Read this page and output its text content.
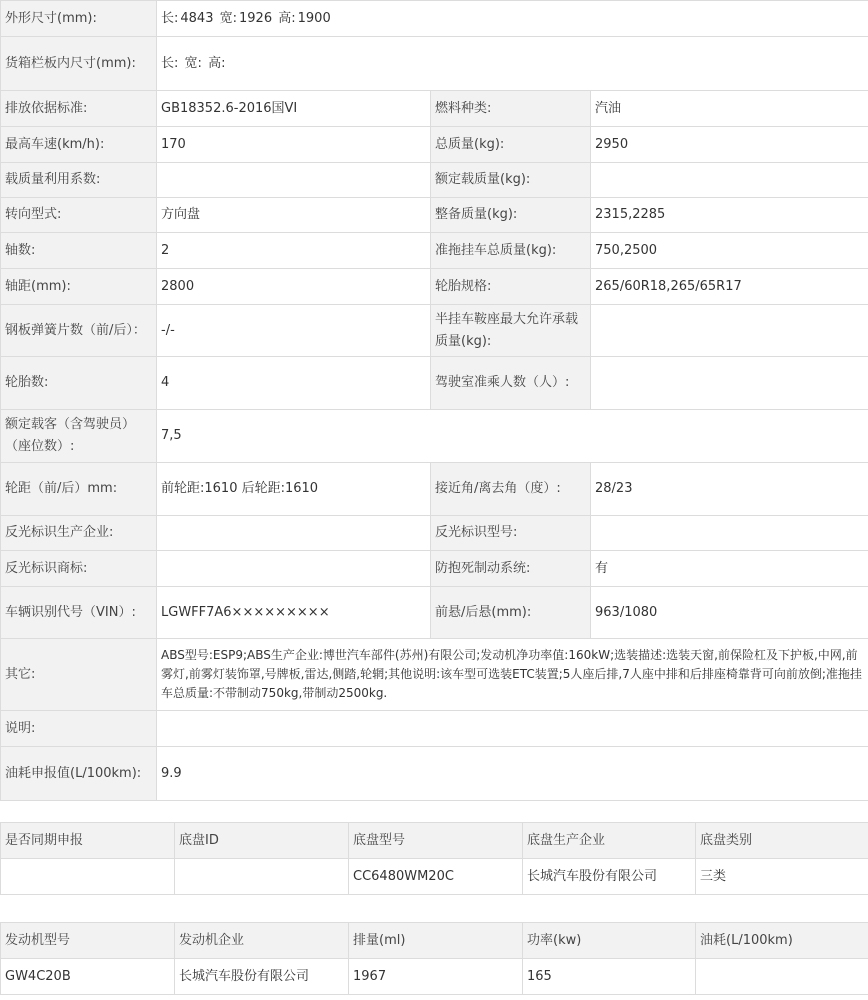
外形尺寸(mm):	长: 4843 宽: 1926 高: 1900		
货箱栏板内尺寸(mm):	长: 宽: 高:		
排放依据标准:	GB18352.6-2016国VI	燃料种类:	汽油
最高车速(km/h):	170	总质量(kg):	2950
载质量利用系数:		额定载质量(kg):	
转向型式:	方向盘	整备质量(kg):	2315,2285
轴数:	2	准拖挂车总质量(kg):	750,2500
轴距(mm):	2800	轮胎规格:	265/60R18,265/65R17
钢板弹簧片数（前/后）：	-/-	半挂车鞍座最大允许承载质量(kg):	
轮胎数:	4	驾驶室准乘人数（人）:	
额定载客（含驾驶员）（座位数）:	7,5		
轮距（前/后）mm:	前轮距:1610 后轮距:1610	接近角/离去角（度）:	28/23
反光标识生产企业:		反光标识型号:	
反光标识商标:		防抱死制动系统:	有
车辆识别代号（VIN）:	LGWFF7A6×××××××××	前悬/后悬(mm):	963/1080
其它:	ABS型号:ESP9;ABS生产企业:博世汽车部件(苏州)有限公司;发动机净功率值:160kW;选装描述:选装天窗,前保险杠及下护板,中网,前雾灯,前雾灯装饰罩,号牌板,雷达,侧踏,轮辋;其他说明:该车型可选装ETC装置;5人座后排,7人座中排和后排座椅靠背可向前放倒;准拖挂车总质量:不带制动750kg,带制动2500kg.		
说明:			
油耗申报值(L/100km):	9.9		
是否同期申报	底盘ID	底盘型号	底盘生产企业	底盘类别
		CC6480WM20C	长城汽车股份有限公司	三类
发动机型号	发动机企业	排量(ml)	功率(kw)	油耗(L/100km)
GW4C20B	长城汽车股份有限公司	1967	165	
